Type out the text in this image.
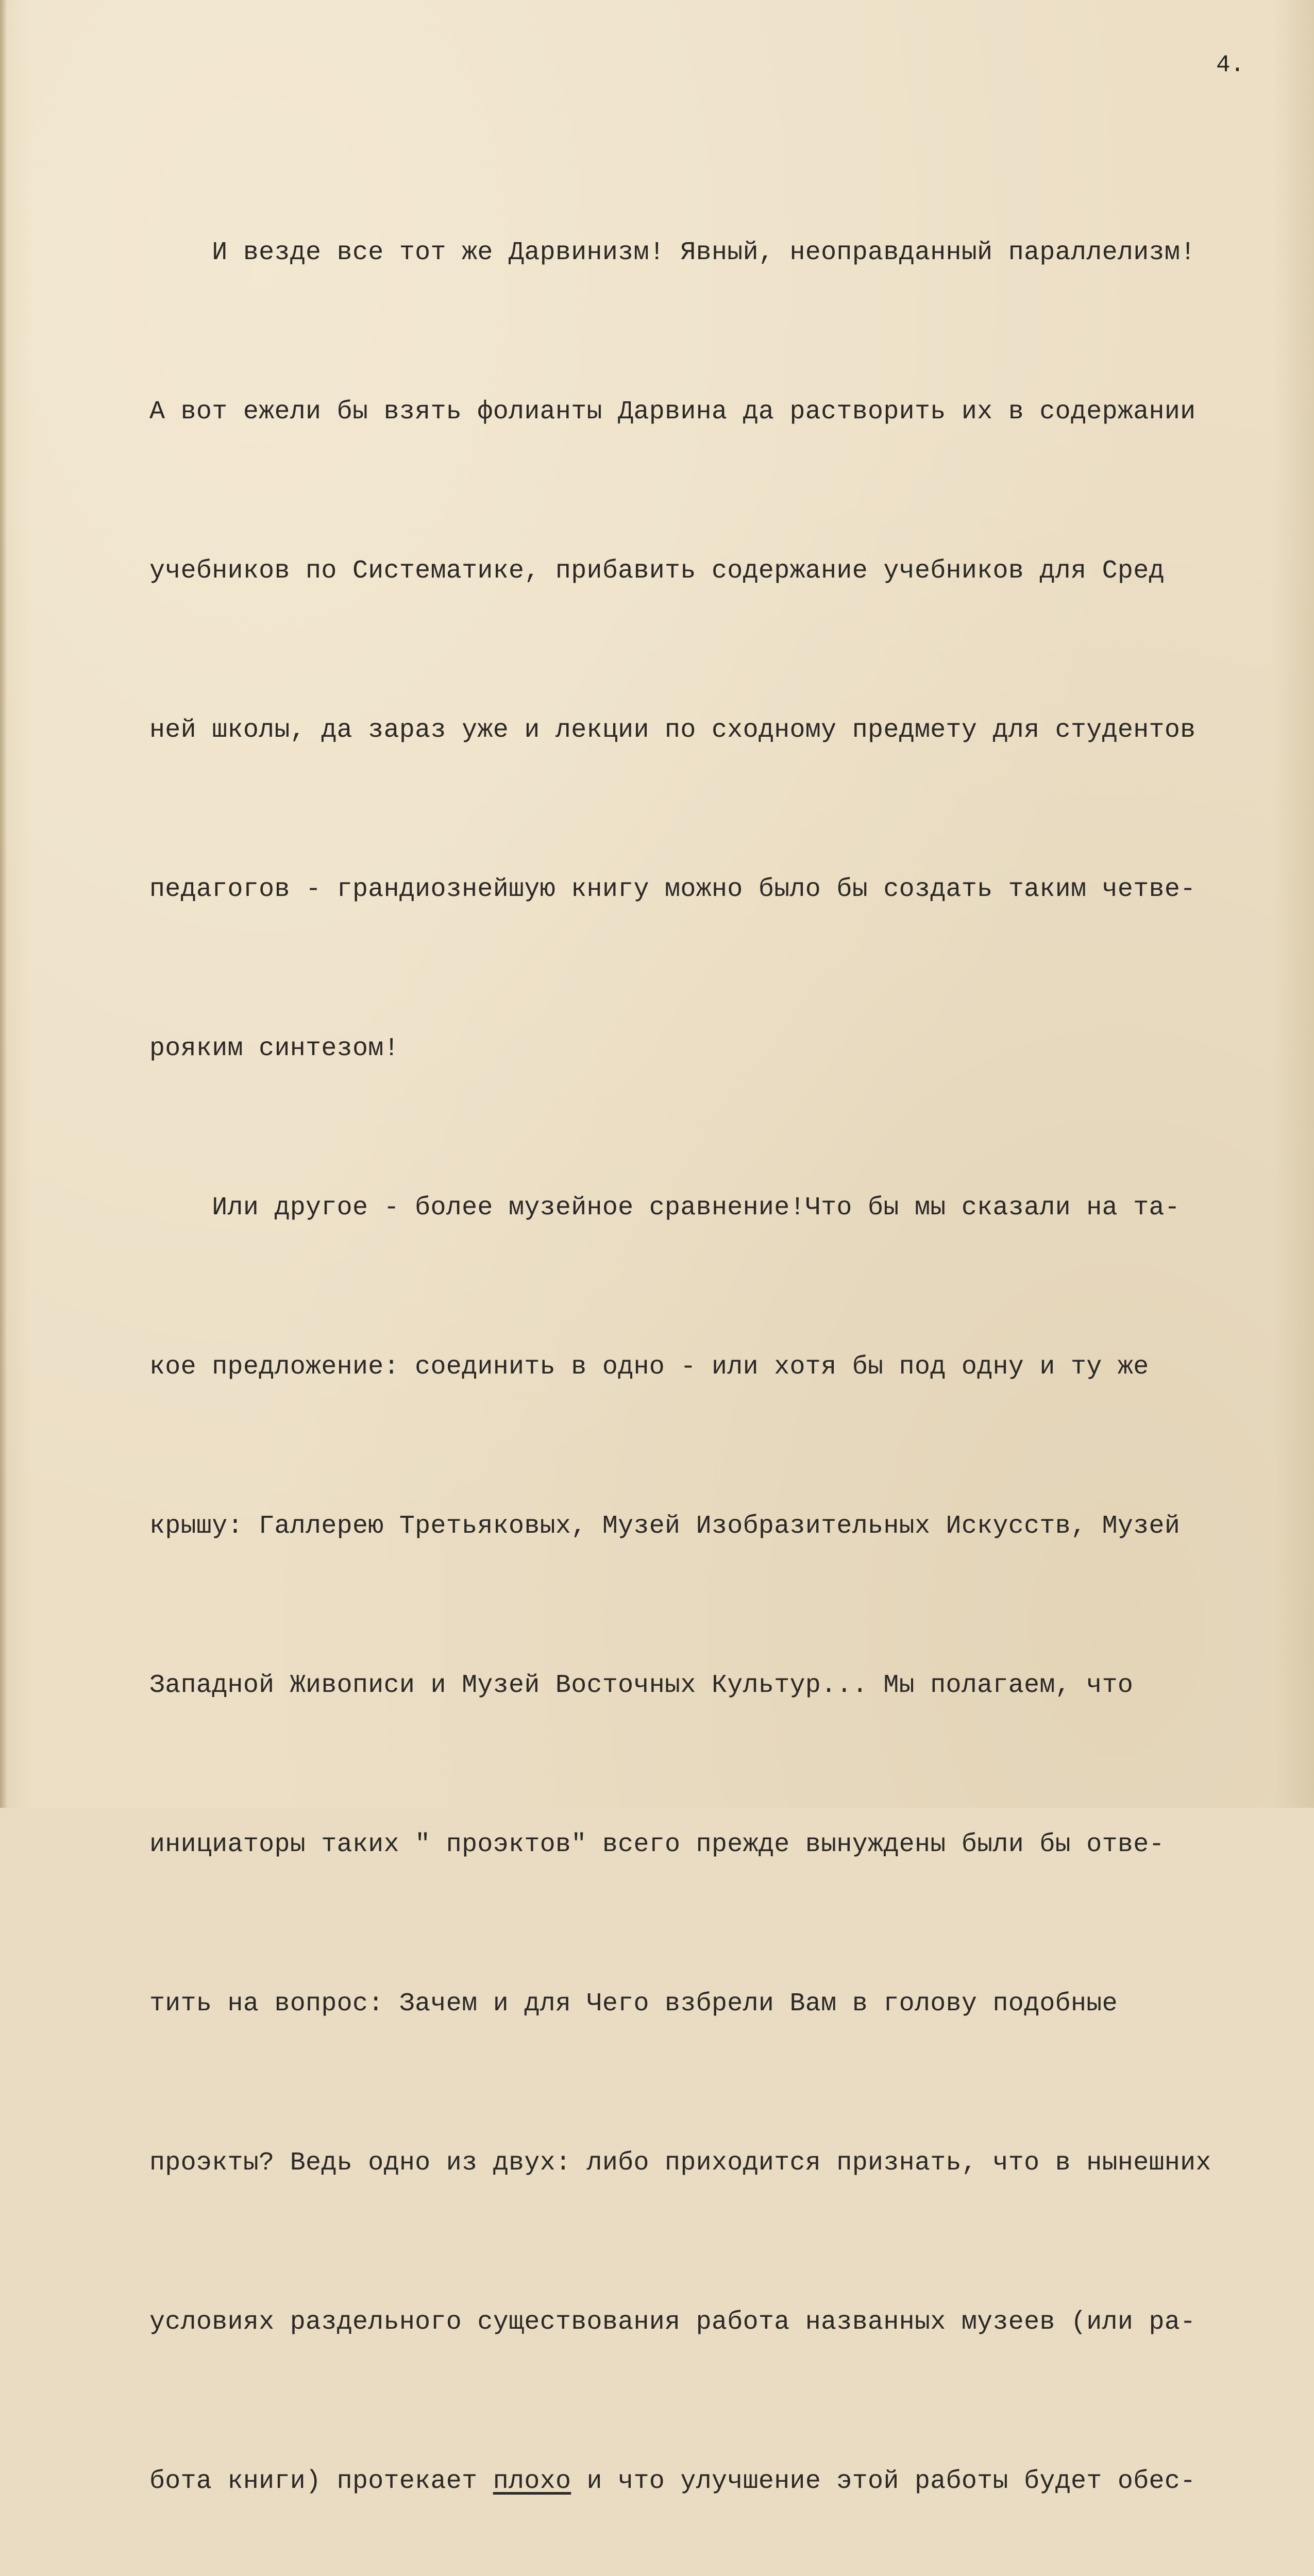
4.

И везде все тот же Дарвинизм! Явный, неоправданный параллелизм!

А вот ежели бы взять фолианты Дарвина да растворить их в содержании

учебников по Систематике, прибавить содержание учебников для Сред

ней школы, да зараз уже и лекции по сходному предмету для студентов

педагогов - грандиознейшую книгу можно было бы создать таким четве-

рояким синтезом!

Или другое - более музейное сравнение!Что бы мы сказали на та-

кое предложение: соединить в одно - или хотя бы под одну и ту же

крышу: Галлерею Третьяковых, Музей Изобразительных Искусств, Музей

Западной Живописи и Музей Восточных Культур... Мы полагаем, что

инициаторы таких " проэктов" всего прежде вынуждены были бы отве-

тить на вопрос: Зачем и для Чего взбрели Вам в голову подобные

проэкты? Ведь одно из двух: либо приходится признать, что в нынешних

условиях раздельного существования работа названных музеев (или ра-

бота книги) протекает плохо и что улучшение этой работы будет обес-
